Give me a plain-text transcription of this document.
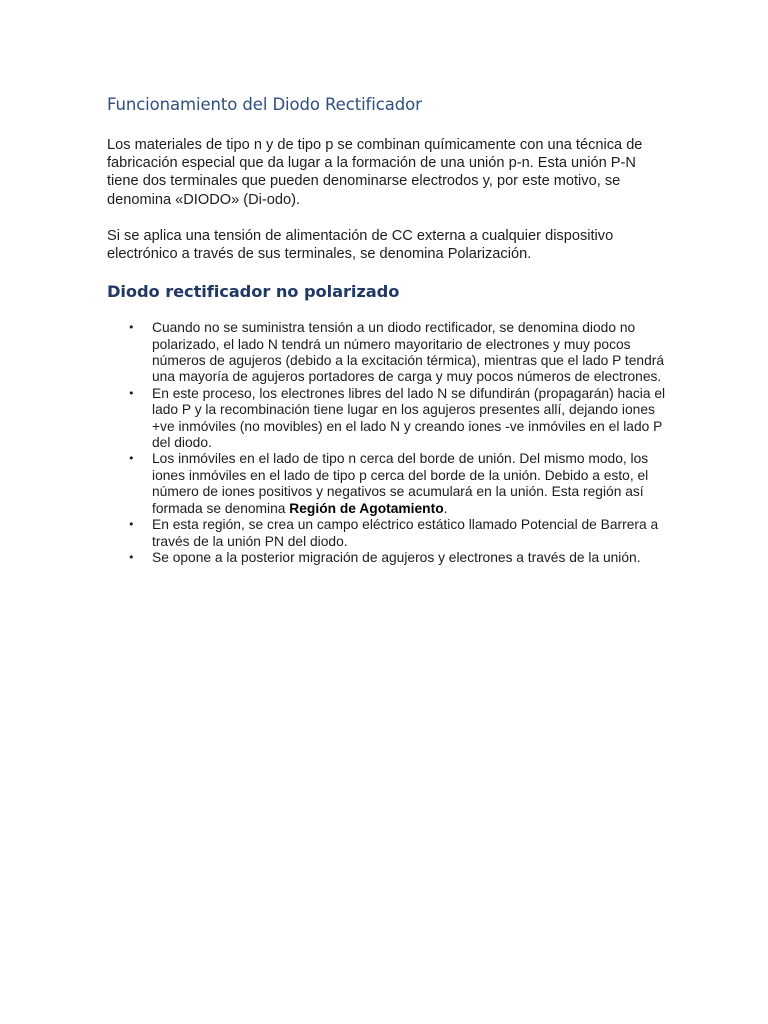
Funcionamiento del Diodo Rectificador

Los materiales de tipo n y de tipo p se combinan químicamente con una técnica de fabricación especial que da lugar a la formación de una unión p-n. Esta unión P-N tiene dos terminales que pueden denominarse electrodos y, por este motivo, se denomina «DIODO» (Di-odo).

Si se aplica una tensión de alimentación de CC externa a cualquier dispositivo electrónico a través de sus terminales, se denomina Polarización.

Diodo rectificador no polarizado
• Cuando no se suministra tensión a un diodo rectificador, se denomina diodo no polarizado, el lado N tendrá un número mayoritario de electrones y muy pocos números de agujeros (debido a la excitación térmica), mientras que el lado P tendrá una mayoría de agujeros portadores de carga y muy pocos números de electrones.
• En este proceso, los electrones libres del lado N se difundirán (propagarán) hacia el lado P y la recombinación tiene lugar en los agujeros presentes allí, dejando iones +ve inmóviles (no movibles) en el lado N y creando iones -ve inmóviles en el lado P del diodo.
• Los inmóviles en el lado de tipo n cerca del borde de unión. Del mismo modo, los iones inmóviles en el lado de tipo p cerca del borde de la unión. Debido a esto, el número de iones positivos y negativos se acumulará en la unión. Esta región así formada se denomina Región de Agotamiento.
• En esta región, se crea un campo eléctrico estático llamado Potencial de Barrera a través de la unión PN del diodo.
• Se opone a la posterior migración de agujeros y electrones a través de la unión.
